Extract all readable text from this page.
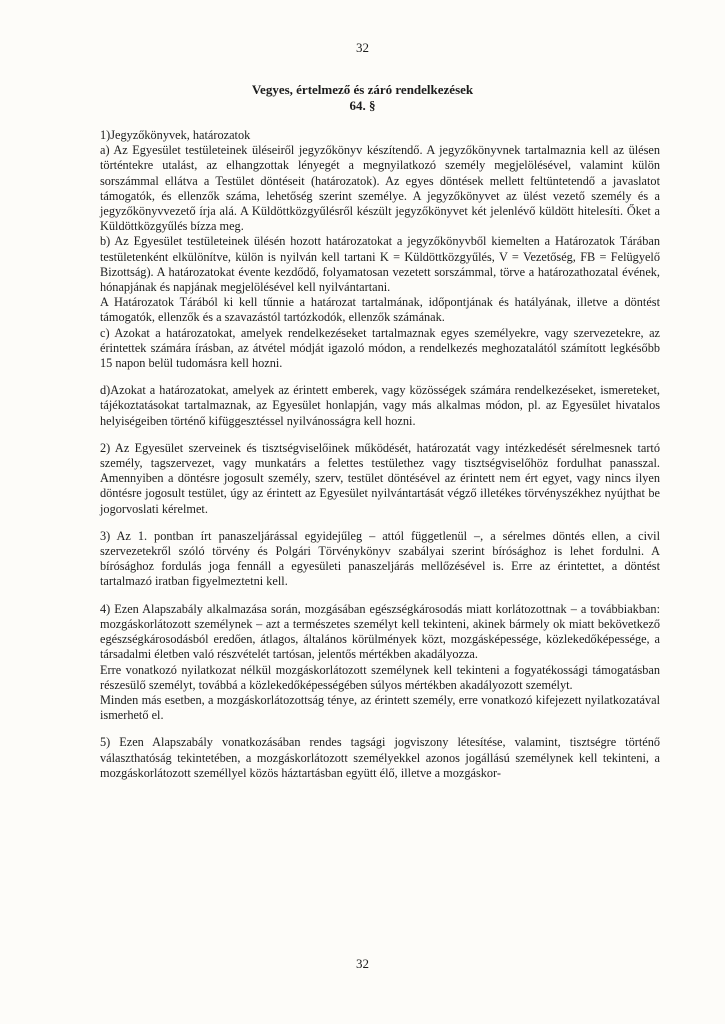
32
Vegyes, értelmező és záró rendelkezések
64. §

1)Jegyzőkönyvek, határozatok

a) Az Egyesület testületeinek üléseiről jegyzőkönyv készítendő. A jegyzőkönyvnek tartalmaznia kell az ülésen történtekre utalást, az elhangzottak lényegét a megnyilatkozó személy megjelölésével, valamint külön sorszámmal ellátva a Testület döntéseit (határozatok). Az egyes döntések mellett feltüntetendő a javaslatot támogatók, és ellenzők száma, lehetőség szerint személye. A jegyzőkönyvet az ülést vezető személy és a jegyzőkönyvvezető írja alá. A Küldöttközgyűlésről készült jegyzőkönyvet két jelenlévő küldött hitelesíti. Őket a Küldöttközgyűlés bízza meg.

b) Az Egyesület testületeinek ülésén hozott határozatokat a jegyzőkönyvből kiemelten a Határozatok Tárában testületenként elkülönítve, külön is nyilván kell tartani K = Küldöttközgyűlés, V = Vezetőség, FB = Felügyelő Bizottság). A határozatokat évente kezdődő, folyamatosan vezetett sorszámmal, törve a határozathozatal évének, hónapjának és napjának megjelölésével kell nyilvántartani.

A Határozatok Tárából ki kell tűnnie a határozat tartalmának, időpontjának és hatályának, illetve a döntést támogatók, ellenzők és a szavazástól tartózkodók, ellenzők számának.

c) Azokat a határozatokat, amelyek rendelkezéseket tartalmaznak egyes személyekre, vagy szervezetekre, az érintettek számára írásban, az átvétel módját igazoló módon, a rendelkezés meghozatalától számított legkésőbb 15 napon belül tudomásra kell hozni.

d)Azokat a határozatokat, amelyek az érintett emberek, vagy közösségek számára rendelkezéseket, ismereteket, tájékoztatásokat tartalmaznak, az Egyesület honlapján, vagy más alkalmas módon, pl. az Egyesület hivatalos helyiségeiben történő kifüggesztéssel nyilvánosságra kell hozni.

2) Az Egyesület szerveinek és tisztségviselőinek működését, határozatát vagy intézkedését sérelmesnek tartó személy, tagszervezet, vagy munkatárs a felettes testülethez vagy tisztségviselőhöz fordulhat panasszal. Amennyiben a döntésre jogosult személy, szerv, testület döntésével az érintett nem ért egyet, vagy nincs ilyen döntésre jogosult testület, úgy az érintett az Egyesület nyilvántartását végző illetékes törvényszékhez nyújthat be jogorvoslati kérelmet.

3) Az 1. pontban írt panaszeljárással egyidejűleg – attól függetlenül –, a sérelmes döntés ellen, a civil szervezetekről szóló törvény és Polgári Törvénykönyv szabályai szerint bírósághoz is lehet fordulni. A bírósághoz fordulás joga fennáll a egyesületi panaszeljárás mellőzésével is. Erre az érintettet, a döntést tartalmazó iratban figyelmeztetni kell.

4) Ezen Alapszabály alkalmazása során, mozgásában egészségkárosodás miatt korlátozottnak – a továbbiakban: mozgáskorlátozott személynek – azt a természetes személyt kell tekinteni, akinek bármely ok miatt bekövetkező egészségkárosodásból eredően, átlagos, általános körülmények közt, mozgásképessége, közlekedőképessége, a társadalmi életben való részvételét tartósan, jelentős mértékben akadályozza.

Erre vonatkozó nyilatkozat nélkül mozgáskorlátozott személynek kell tekinteni a fogyatékossági támogatásban részesülő személyt, továbbá a közlekedőképességében súlyos mértékben akadályozott személyt.

Minden más esetben, a mozgáskorlátozottság ténye, az érintett személy, erre vonatkozó kifejezett nyilatkozatával ismerhető el.

5) Ezen Alapszabály vonatkozásában rendes tagsági jogviszony létesítése, valamint, tisztségre történő választhatóság tekintetében, a mozgáskorlátozott személyekkel azonos jogállású személynek kell tekinteni, a mozgáskorlátozott személlyel közös háztartásban együtt élő, illetve a mozgáskor-

32
